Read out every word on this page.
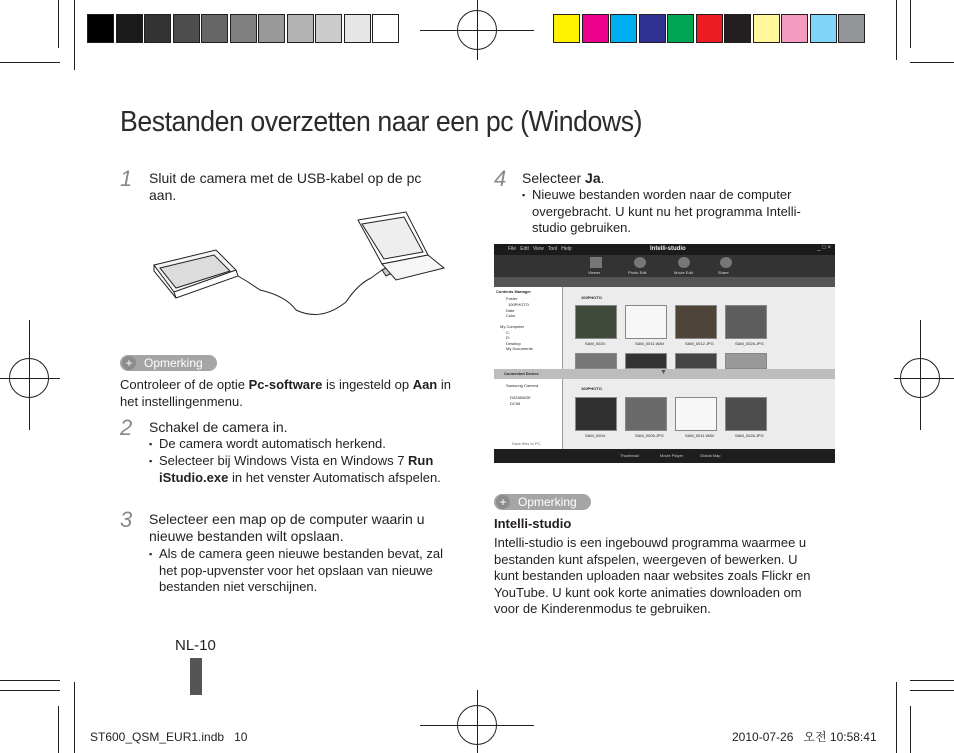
Bestanden overzetten naar een pc (Windows)
1 Sluit de camera met de USB-kabel op de pc aan.
+ Opmerking
Controleer of de optie Pc-software is ingesteld op Aan in het instellingenmenu.
2 Schakel de camera in.
▪ De camera wordt automatisch herkend.
▪ Selecteer bij Windows Vista en Windows 7 Run iStudio.exe in het venster Automatisch afspelen.
3 Selecteer een map op de computer waarin u nieuwe bestanden wilt opslaan.
▪ Als de camera geen nieuwe bestanden bevat, zal het pop-upvenster voor het opslaan van nieuwe bestanden niet verschijnen.
NL-10
4 Selecteer Ja.
▪ Nieuwe bestanden worden naar de computer overgebracht. U kunt nu het programma Intelli-studio gebruiken.
File Edit View Tool Help	Intelli-studio	_ □ ×
Viewer	Photo Edit	Movie Edit	Share
Contents Manager
Folder
100PHOTO
Date
Color
My Computer
C:
D:
Desktop
My Documents
100PHOTO
SAM_0020.	SAM_0011.WAV	SAM_0012.JPG	SAM_0026.JPG
Connected Device	▼
Samsung Camera
DATABASE
DCIM
Save files to PC
100PHOTO
SAM_0004.	SAM_0005.JPG	SAM_0011.WAV	SAM_0026.JPG
Thumbnail	Movie Player	Global Map
+ Opmerking
Intelli-studio
Intelli-studio is een ingebouwd programma waarmee u bestanden kunt afspelen, weergeven of bewerken. U kunt bestanden uploaden naar websites zoals Flickr en YouTube. U kunt ook korte animaties downloaden om voor de Kinderenmodus te gebruiken.
ST600_QSM_EUR1.indb   10	2010-07-26   오전 10:58:41
